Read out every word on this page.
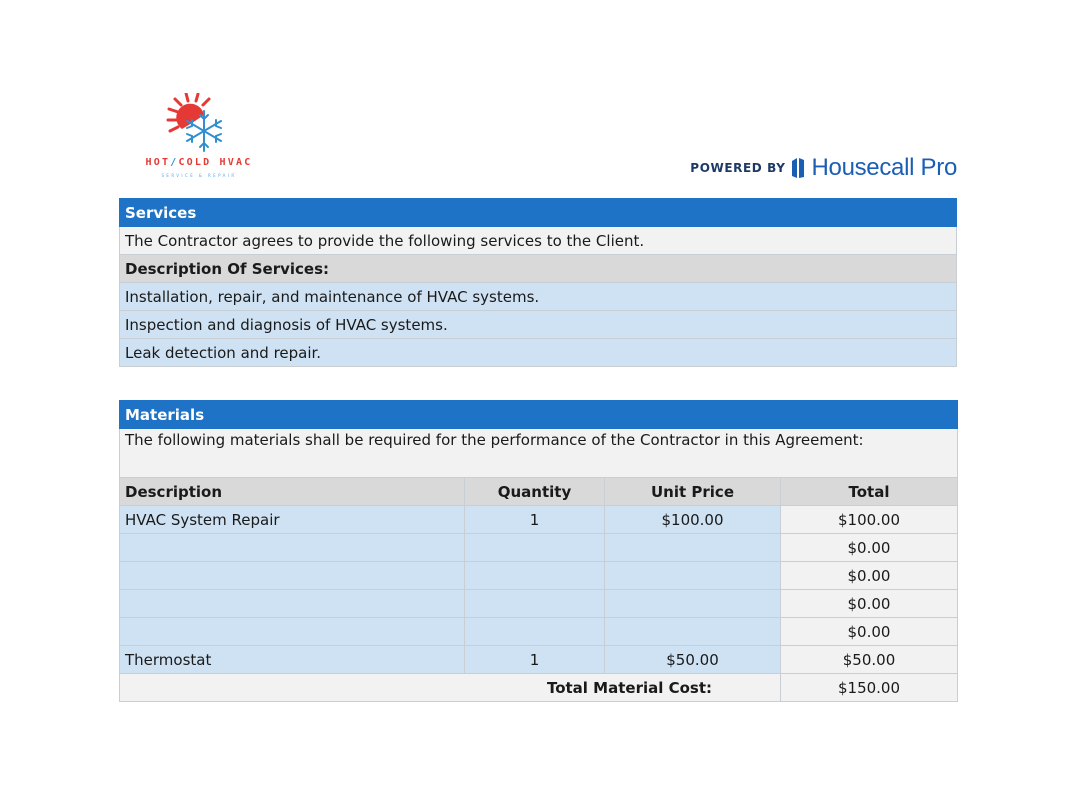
HOT/COLD HVAC
SERVICE & REPAIR
POWERED BY Housecall Pro
Services
The Contractor agrees to provide the following services to the Client.
Description Of Services:
Installation, repair, and maintenance of HVAC systems.
Inspection and diagnosis of HVAC systems.
Leak detection and repair.
Materials			
The following materials shall be required for the performance of the Contractor in this Agreement:			
Description	Quantity	Unit Price	Total
HVAC System Repair	1	$100.00	$100.00
			$0.00
			$0.00
			$0.00
			$0.00
Thermostat	1	$50.00	$50.00
Total Material Cost:			$150.00
